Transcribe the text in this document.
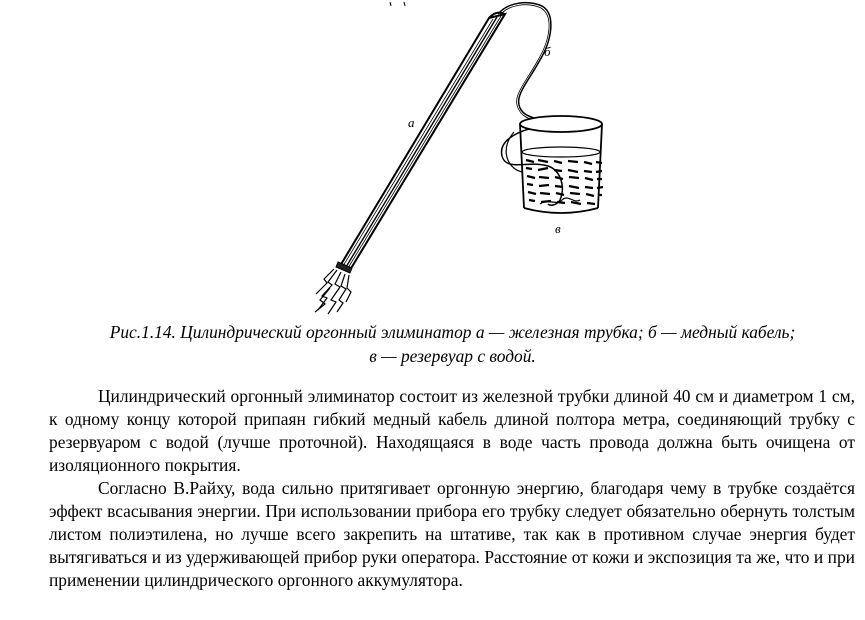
а
б
в
Рис.1.14. Цилиндрический оргонный элиминатор а — железная трубка; б — медный кабель;
в — резервуар с водой.

Цилиндрический оргонный элиминатор состоит из железной трубки длиной 40 см и диаметром 1 см, к одному концу которой припаян гибкий медный кабель длиной полтора метра, соединяющий трубку с резервуаром с водой (лучше проточной). Находящаяся в воде часть провода должна быть очищена от изоляционного покрытия.

Согласно В.Райху, вода сильно притягивает оргонную энергию, благодаря чему в трубке создаётся эффект всасывания энергии. При использовании прибора его трубку следует обязательно обернуть толстым листом полиэтилена, но лучше всего закрепить на штативе, так как в противном случае энергия будет вытягиваться и из удерживающей прибор руки оператора. Расстояние от кожи и экспозиция та же, что и при применении цилиндрического оргонного аккумулятора.
